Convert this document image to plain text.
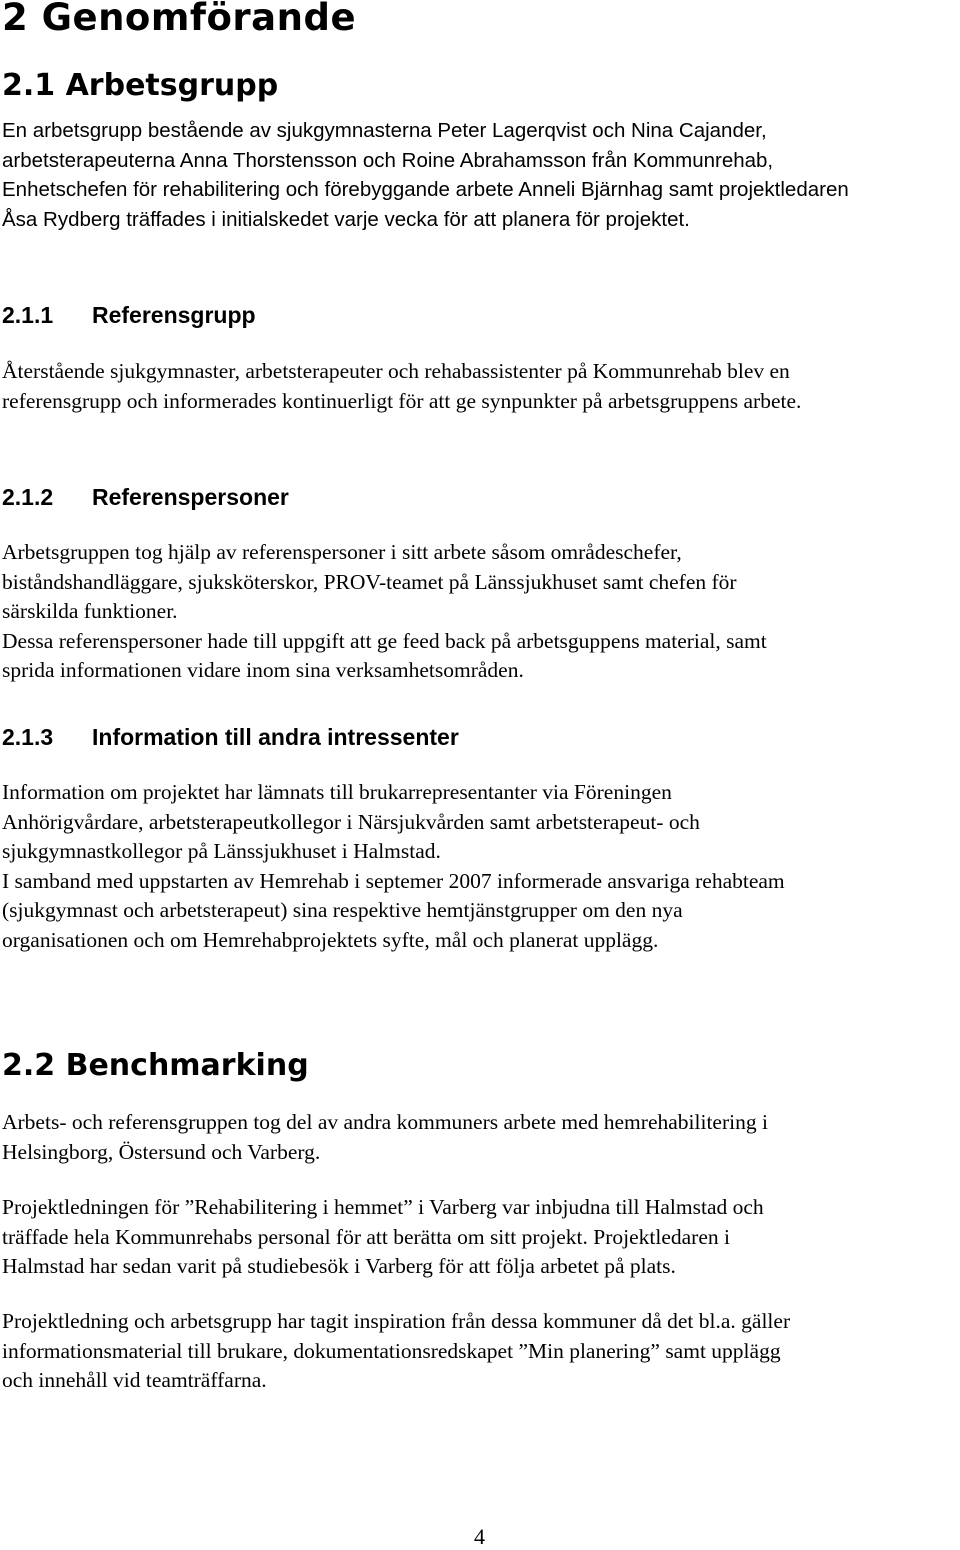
2 Genomförande
2.1 Arbetsgrupp
En arbetsgrupp bestående av sjukgymnasterna Peter Lagerqvist och Nina Cajander,
arbetsterapeuterna Anna Thorstensson och Roine Abrahamsson från Kommunrehab,
Enhetschefen för rehabilitering och förebyggande arbete Anneli Bjärnhag samt projektledaren
Åsa Rydberg träffades i initialskedet varje vecka för att planera för projektet.
2.1.1 Referensgrupp
Återstående sjukgymnaster, arbetsterapeuter och rehabassistenter på Kommunrehab blev en
referensgrupp och informerades kontinuerligt för att ge synpunkter på arbetsgruppens arbete.
2.1.2 Referenspersoner
Arbetsgruppen tog hjälp av referenspersoner i sitt arbete såsom områdeschefer,
biståndshandläggare, sjuksköterskor, PROV-teamet på Länssjukhuset samt chefen för
särskilda funktioner.
Dessa referenspersoner hade till uppgift att ge feed back på arbetsguppens material, samt
sprida informationen vidare inom sina verksamhetsområden.
2.1.3 Information till andra intressenter
Information om projektet har lämnats till brukarrepresentanter via Föreningen
Anhörigvårdare, arbetsterapeutkollegor i Närsjukvården samt arbetsterapeut- och
sjukgymnastkollegor på Länssjukhuset i Halmstad.
I samband med uppstarten av Hemrehab i septemer 2007 informerade ansvariga rehabteam
(sjukgymnast och arbetsterapeut) sina respektive hemtjänstgrupper om den nya
organisationen och om Hemrehabprojektets syfte, mål och planerat upplägg.
2.2 Benchmarking
Arbets- och referensgruppen tog del av andra kommuners arbete med hemrehabilitering i
Helsingborg, Östersund och Varberg.
Projektledningen för ”Rehabilitering i hemmet” i Varberg var inbjudna till Halmstad och
träffade hela Kommunrehabs personal för att berätta om sitt projekt. Projektledaren i
Halmstad har sedan varit på studiebesök i Varberg för att följa arbetet på plats.
Projektledning och arbetsgrupp har tagit inspiration från dessa kommuner då det bl.a. gäller
informationsmaterial till brukare, dokumentationsredskapet ”Min planering” samt upplägg
och innehåll vid teamträffarna.
4
